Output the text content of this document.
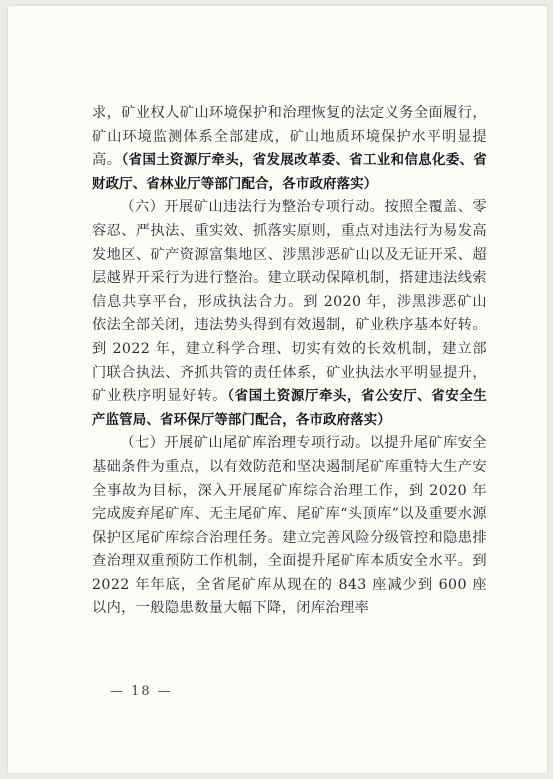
求，矿业权人矿山环境保护和治理恢复的法定义务全面履行，矿山环境监测体系全部建成，矿山地质环境保护水平明显提高。（省国土资源厅牵头，省发展改革委、省工业和信息化委、省财政厅、省林业厅等部门配合，各市政府落实）

（六）开展矿山违法行为整治专项行动。按照全覆盖、零容忍、严执法、重实效、抓落实原则，重点对违法行为易发高发地区、矿产资源富集地区、涉黑涉恶矿山以及无证开采、超层越界开采行为进行整治。建立联动保障机制，搭建违法线索信息共享平台，形成执法合力。到 2020 年，涉黑涉恶矿山依法全部关闭，违法势头得到有效遏制，矿业秩序基本好转。到 2022 年，建立科学合理、切实有效的长效机制，建立部门联合执法、齐抓共管的责任体系，矿业执法水平明显提升，矿业秩序明显好转。（省国土资源厅牵头，省公安厅、省安全生产监管局、省环保厅等部门配合，各市政府落实）

（七）开展矿山尾矿库治理专项行动。以提升尾矿库安全基础条件为重点，以有效防范和坚决遏制尾矿库重特大生产安全事故为目标，深入开展尾矿库综合治理工作，到 2020 年完成废弃尾矿库、无主尾矿库、尾矿库“头顶库”以及重要水源保护区尾矿库综合治理任务。建立完善风险分级管控和隐患排查治理双重预防工作机制，全面提升尾矿库本质安全水平。到 2022 年年底，全省尾矿库从现在的 843 座减少到 600 座以内，一般隐患数量大幅下降，闭库治理率

— 18 —
